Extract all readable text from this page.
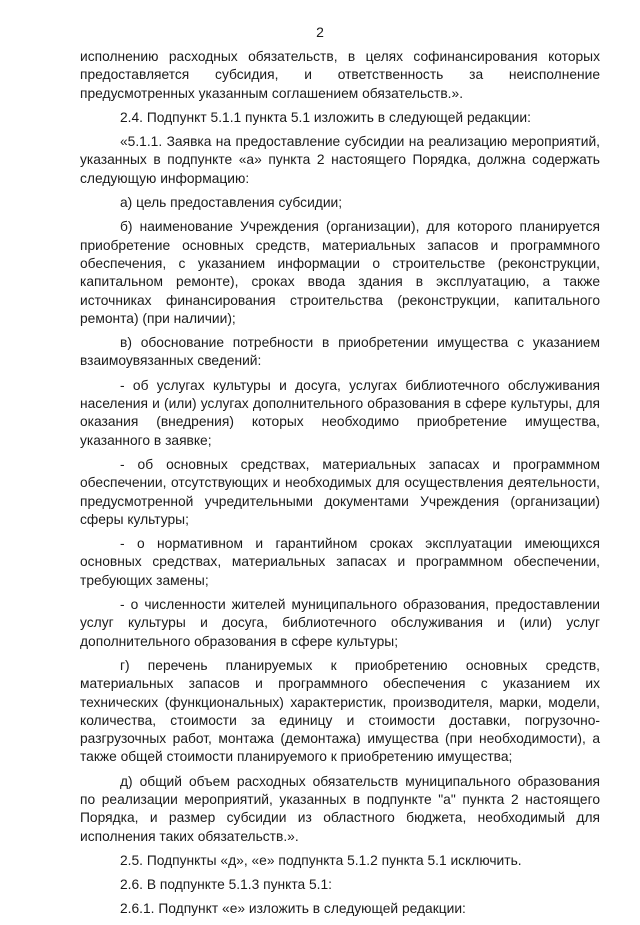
2

исполнению расходных обязательств, в целях софинансирования которых предоставляется субсидия, и ответственность за неисполнение предусмотренных указанным соглашением обязательств.».

2.4. Подпункт 5.1.1 пункта 5.1 изложить в следующей редакции:

«5.1.1. Заявка на предоставление субсидии на реализацию мероприятий, указанных в подпункте «а» пункта 2 настоящего Порядка, должна содержать следующую информацию:

а) цель предоставления субсидии;

б) наименование Учреждения (организации), для которого планируется приобретение основных средств, материальных запасов и программного обеспечения, с указанием информации о строительстве (реконструкции, капитальном ремонте), сроках ввода здания в эксплуатацию, а также источниках финансирования строительства (реконструкции, капитального ремонта) (при наличии);

в) обоснование потребности в приобретении имущества с указанием взаимоувязанных сведений:

- об услугах культуры и досуга, услугах библиотечного обслуживания населения и (или) услугах дополнительного образования в сфере культуры, для оказания (внедрения) которых необходимо приобретение имущества, указанного в заявке;

- об основных средствах, материальных запасах и программном обеспечении, отсутствующих и необходимых для осуществления деятельности, предусмотренной учредительными документами Учреждения (организации) сферы культуры;

- о нормативном и гарантийном сроках эксплуатации имеющихся основных средствах, материальных запасах и программном обеспечении, требующих замены;

- о численности жителей муниципального образования, предоставлении услуг культуры и досуга, библиотечного обслуживания и (или) услуг дополнительного образования в сфере культуры;

г) перечень планируемых к приобретению основных средств, материальных запасов и программного обеспечения с указанием их технических (функциональных) характеристик, производителя, марки, модели, количества, стоимости за единицу и стоимости доставки, погрузочно-разгрузочных работ, монтажа (демонтажа) имущества (при необходимости), а также общей стоимости планируемого к приобретению имущества;

д) общий объем расходных обязательств муниципального образования по реализации мероприятий, указанных в подпункте "а" пункта 2 настоящего Порядка, и размер субсидии из областного бюджета, необходимый для исполнения таких обязательств.».

2.5. Подпункты «д», «е» подпункта 5.1.2 пункта 5.1 исключить.

2.6. В подпункте 5.1.3 пункта 5.1:

2.6.1. Подпункт «е» изложить в следующей редакции:
